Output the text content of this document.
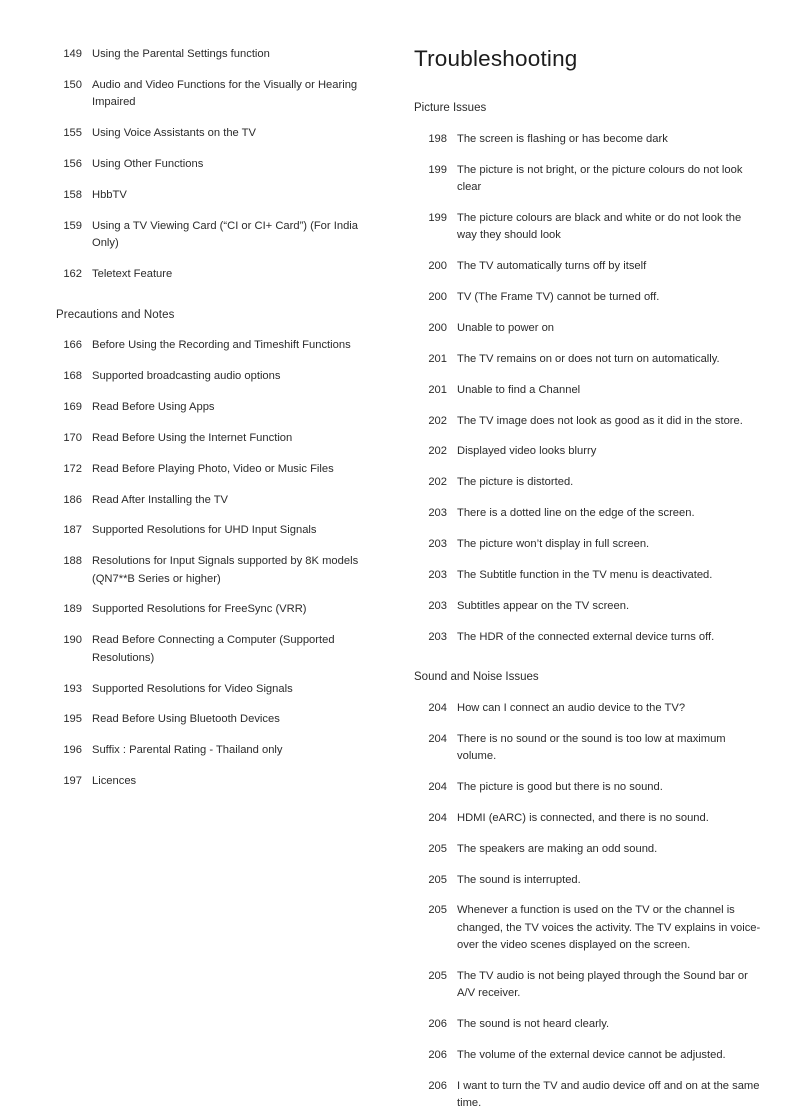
149 Using the Parental Settings function
150 Audio and Video Functions for the Visually or Hearing Impaired
155 Using Voice Assistants on the TV
156 Using Other Functions
158 HbbTV
159 Using a TV Viewing Card (“CI or CI+ Card”) (For India Only)
162 Teletext Feature
Precautions and Notes
166 Before Using the Recording and Timeshift Functions
168 Supported broadcasting audio options
169 Read Before Using Apps
170 Read Before Using the Internet Function
172 Read Before Playing Photo, Video or Music Files
186 Read After Installing the TV
187 Supported Resolutions for UHD Input Signals
188 Resolutions for Input Signals supported by 8K models (QN7**B Series or higher)
189 Supported Resolutions for FreeSync (VRR)
190 Read Before Connecting a Computer (Supported Resolutions)
193 Supported Resolutions for Video Signals
195 Read Before Using Bluetooth Devices
196 Suffix : Parental Rating - Thailand only
197 Licences
Troubleshooting
Picture Issues
198 The screen is flashing or has become dark
199 The picture is not bright, or the picture colours do not look clear
199 The picture colours are black and white or do not look the way they should look
200 The TV automatically turns off by itself
200 TV (The Frame TV) cannot be turned off.
200 Unable to power on
201 The TV remains on or does not turn on automatically.
201 Unable to find a Channel
202 The TV image does not look as good as it did in the store.
202 Displayed video looks blurry
202 The picture is distorted.
203 There is a dotted line on the edge of the screen.
203 The picture won’t display in full screen.
203 The Subtitle function in the TV menu is deactivated.
203 Subtitles appear on the TV screen.
203 The HDR of the connected external device turns off.
Sound and Noise Issues
204 How can I connect an audio device to the TV?
204 There is no sound or the sound is too low at maximum volume.
204 The picture is good but there is no sound.
204 HDMI (eARC) is connected, and there is no sound.
205 The speakers are making an odd sound.
205 The sound is interrupted.
205 Whenever a function is used on the TV or the channel is changed, the TV voices the activity. The TV explains in voice-over the video scenes displayed on the screen.
205 The TV audio is not being played through the Sound bar or A/V receiver.
206 The sound is not heard clearly.
206 The volume of the external device cannot be adjusted.
206 I want to turn the TV and audio device off and on at the same time.
